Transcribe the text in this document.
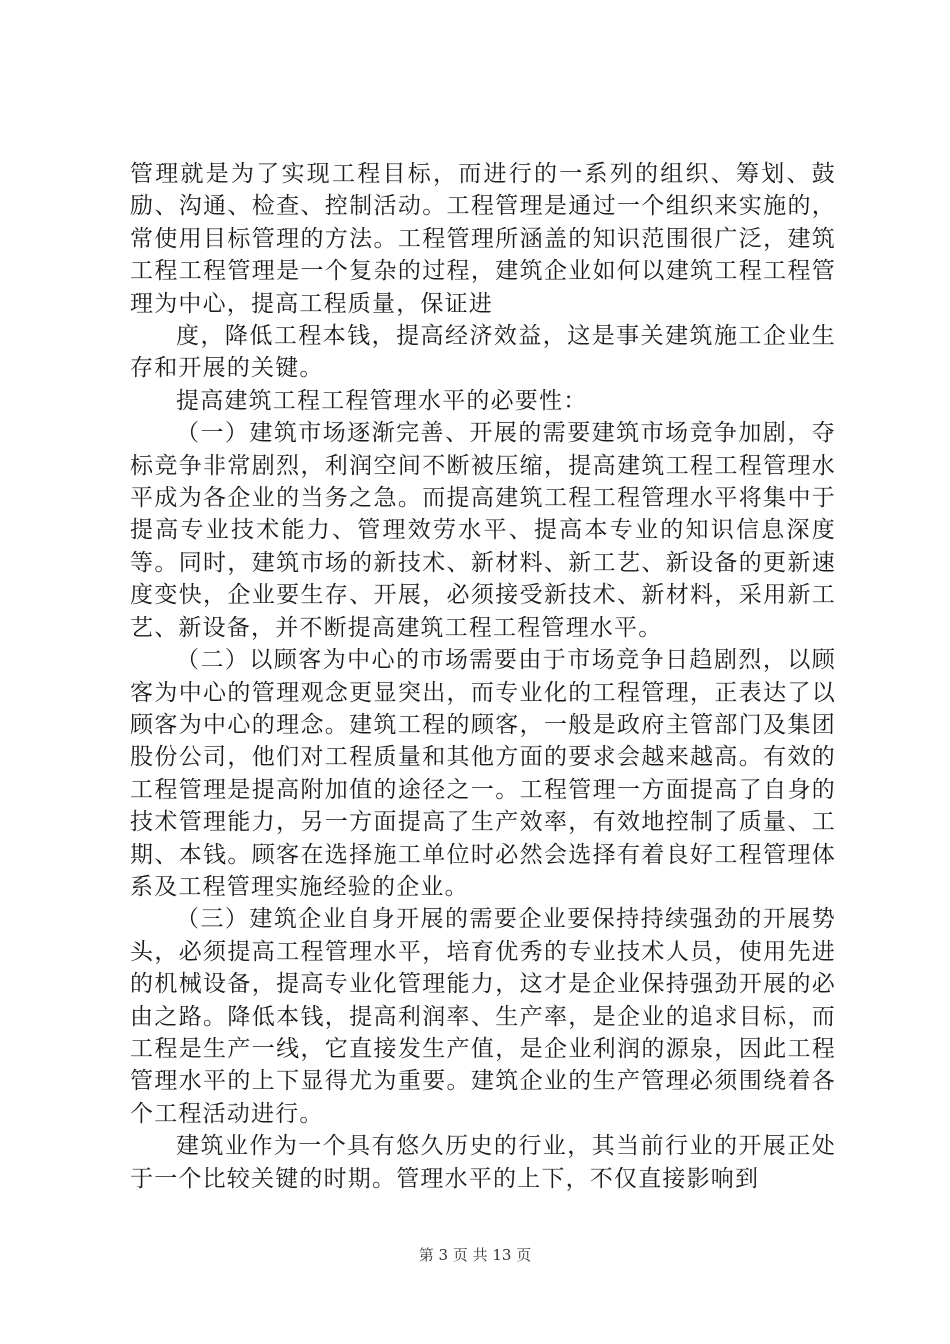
管理就是为了实现工程目标，而进行的一系列的组织、筹划、鼓励、沟通、检查、控制活动。工程管理是通过一个组织来实施的，常使用目标管理的方法。工程管理所涵盖的知识范围很广泛，建筑工程工程管理是一个复杂的过程，建筑企业如何以建筑工程工程管理为中心，提高工程质量，保证进

度，降低工程本钱，提高经济效益，这是事关建筑施工企业生存和开展的关键。

提高建筑工程工程管理水平的必要性：

（一）建筑市场逐渐完善、开展的需要建筑市场竞争加剧，夺标竞争非常剧烈，利润空间不断被压缩，提高建筑工程工程管理水平成为各企业的当务之急。而提高建筑工程工程管理水平将集中于提高专业技术能力、管理效劳水平、提高本专业的知识信息深度等。同时，建筑市场的新技术、新材料、新工艺、新设备的更新速度变快，企业要生存、开展，必须接受新技术、新材料，采用新工艺、新设备，并不断提高建筑工程工程管理水平。

（二）以顾客为中心的市场需要由于市场竞争日趋剧烈，以顾客为中心的管理观念更显突出，而专业化的工程管理，正表达了以顾客为中心的理念。建筑工程的顾客，一般是政府主管部门及集团股份公司，他们对工程质量和其他方面的要求会越来越高。有效的工程管理是提高附加值的途径之一。工程管理一方面提高了自身的技术管理能力，另一方面提高了生产效率，有效地控制了质量、工期、本钱。顾客在选择施工单位时必然会选择有着良好工程管理体系及工程管理实施经验的企业。

（三）建筑企业自身开展的需要企业要保持持续强劲的开展势头，必须提高工程管理水平，培育优秀的专业技术人员，使用先进的机械设备，提高专业化管理能力，这才是企业保持强劲开展的必由之路。降低本钱，提高利润率、生产率，是企业的追求目标，而工程是生产一线，它直接发生产值，是企业利润的源泉，因此工程管理水平的上下显得尤为重要。建筑企业的生产管理必须围绕着各个工程活动进行。

建筑业作为一个具有悠久历史的行业，其当前行业的开展正处于一个比较关键的时期。管理水平的上下，不仅直接影响到

第 3 页 共 13 页
